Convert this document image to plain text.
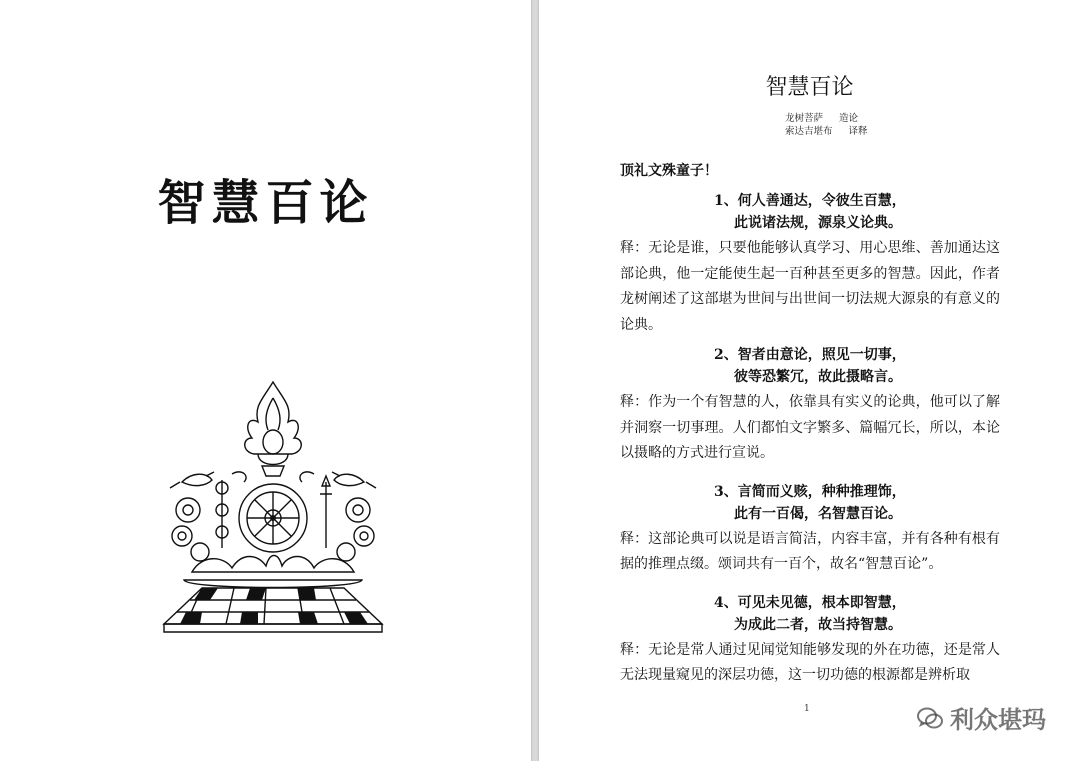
智慧百论
智慧百论
龙树菩萨 造论
索达吉堪布 译释
顶礼文殊童子！
1、何人善通达，令彼生百慧，
此说诸法规，源泉义论典。
释：无论是谁，只要他能够认真学习、用心思维、善加通达这部论典，他一定能使生起一百种甚至更多的智慧。因此，作者龙树阐述了这部堪为世间与出世间一切法规大源泉的有意义的论典。
2、智者由意论，照见一切事，
彼等恐繁冗，故此摄略言。
释：作为一个有智慧的人，依靠具有实义的论典，他可以了解并洞察一切事理。人们都怕文字繁多、篇幅冗长，所以，本论以摄略的方式进行宣说。
3、言简而义赅，种种推理饰，
此有一百偈，名智慧百论。
释：这部论典可以说是语言简洁，内容丰富，并有各种有根有据的推理点缀。颂词共有一百个，故名“智慧百论”。
4、可见未见德，根本即智慧，
为成此二者，故当持智慧。
释：无论是常人通过见闻觉知能够发现的外在功德，还是常人无法现量窥见的深层功德，这一切功德的根源都是辨析取
1	利众堪玛
